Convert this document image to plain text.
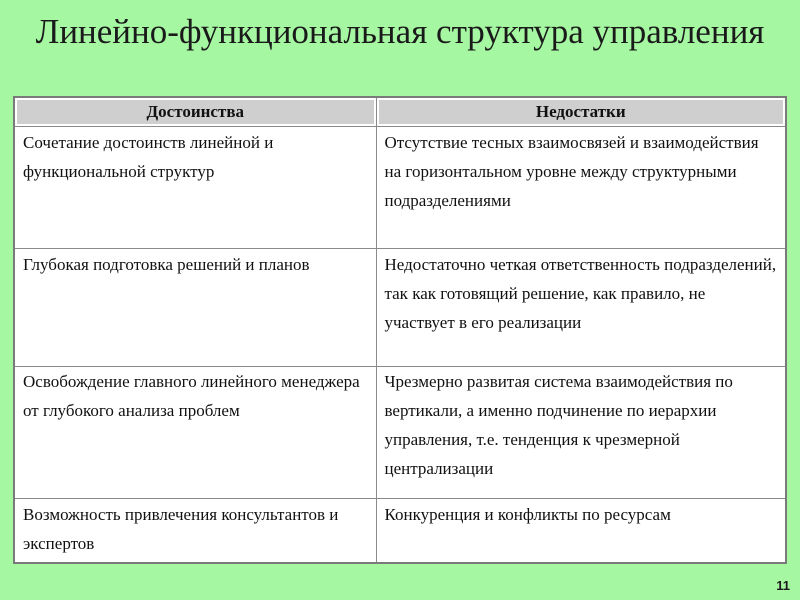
Линейно-функциональная структура управления
Достоинства	Недостатки

Сочетание достоинств линейной и функциональной структур	Отсутствие тесных взаимосвязей и взаимодействия на горизонтальном уровне между структурными подразделениями

Глубокая подготовка решений и планов	Недостаточно четкая ответственность подразделений, так как готовящий решение, как правило, не участвует в его реализации

Освобождение главного линейного менеджера от глубокого анализа проблем	Чрезмерно развитая система взаимодействия по вертикали, а именно подчинение по иерархии управления, т.е. тенденция к чрезмерной централизации

Возможность привлечения консультантов и экспертов	Конкуренция и конфликты по ресурсам
11
